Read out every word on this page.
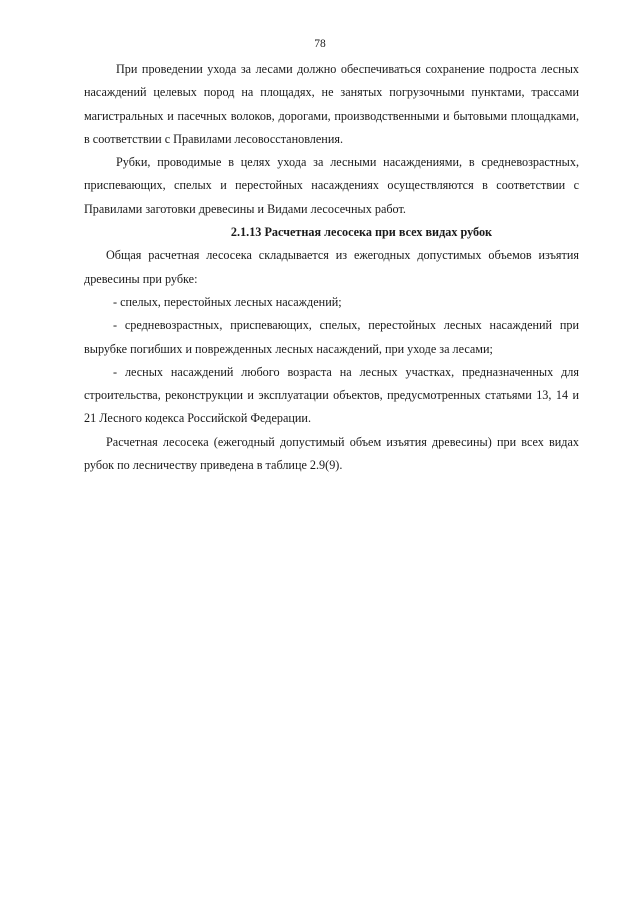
78

При проведении ухода за лесами должно обеспечиваться сохранение подроста лесных насаждений целевых пород на площадях, не занятых погрузочными пунктами, трассами магистральных и пасечных волоков, дорогами, производственными и бытовыми площадками, в соответствии с Правилами лесовосстановления.

Рубки, проводимые в целях ухода за лесными насаждениями, в средневозрастных, приспевающих, спелых и перестойных насаждениях осуществляются в соответствии с Правилами заготовки древесины и Видами лесосечных работ.

2.1.13 Расчетная лесосека при всех видах рубок

Общая расчетная лесосека складывается из ежегодных допустимых объемов изъятия древесины при рубке:

- спелых, перестойных лесных насаждений;

- средневозрастных, приспевающих, спелых, перестойных лесных насаждений при вырубке погибших и поврежденных лесных насаждений, при уходе за лесами;

- лесных насаждений любого возраста на лесных участках, предназначенных для строительства, реконструкции и эксплуатации объектов, предусмотренных статьями 13, 14 и 21 Лесного кодекса Российской Федерации.

Расчетная лесосека (ежегодный допустимый объем изъятия древесины) при всех видах рубок по лесничеству приведена в таблице 2.9(9).
